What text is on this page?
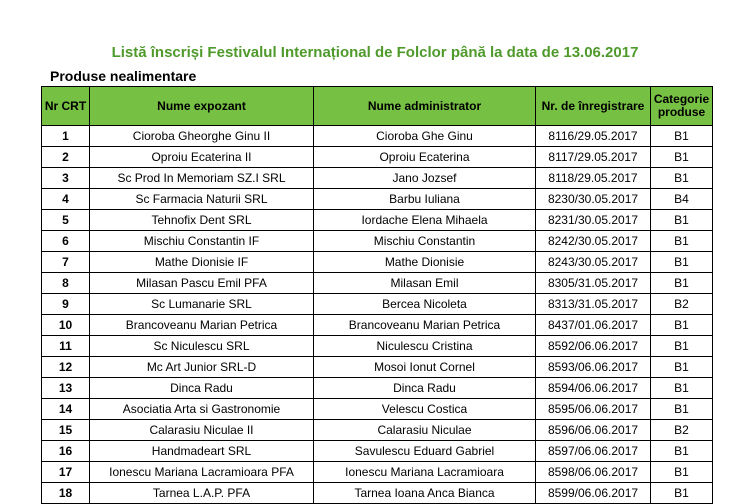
Listă înscriși Festivalul Internațional de Folclor până la data de 13.06.2017
Produse nealimentare
Nr CRT	Nume expozant	Nume administrator	Nr. de înregistrare	Categorie produse
1	Cioroba Gheorghe Ginu II	Cioroba Ghe Ginu	8116/29.05.2017	B1
2	Oproiu Ecaterina II	Oproiu Ecaterina	8117/29.05.2017	B1
3	Sc Prod In Memoriam SZ.I SRL	Jano Jozsef	8118/29.05.2017	B1
4	Sc Farmacia Naturii SRL	Barbu Iuliana	8230/30.05.2017	B4
5	Tehnofix Dent SRL	Iordache Elena Mihaela	8231/30.05.2017	B1
6	Mischiu Constantin IF	Mischiu Constantin	8242/30.05.2017	B1
7	Mathe Dionisie IF	Mathe Dionisie	8243/30.05.2017	B1
8	Milasan Pascu Emil PFA	Milasan Emil	8305/31.05.2017	B1
9	Sc Lumanarie SRL	Bercea Nicoleta	8313/31.05.2017	B2
10	Brancoveanu Marian Petrica	Brancoveanu Marian Petrica	8437/01.06.2017	B1
11	Sc Niculescu SRL	Niculescu Cristina	8592/06.06.2017	B1
12	Mc Art Junior SRL-D	Mosoi Ionut Cornel	8593/06.06.2017	B1
13	Dinca Radu	Dinca Radu	8594/06.06.2017	B1
14	Asociatia Arta si Gastronomie	Velescu Costica	8595/06.06.2017	B1
15	Calarasiu Niculae II	Calarasiu Niculae	8596/06.06.2017	B2
16	Handmadeart SRL	Savulescu Eduard Gabriel	8597/06.06.2017	B1
17	Ionescu Mariana Lacramioara PFA	Ionescu Mariana Lacramioara	8598/06.06.2017	B1
18	Tarnea L.A.P. PFA	Tarnea Ioana Anca Bianca	8599/06.06.2017	B1
